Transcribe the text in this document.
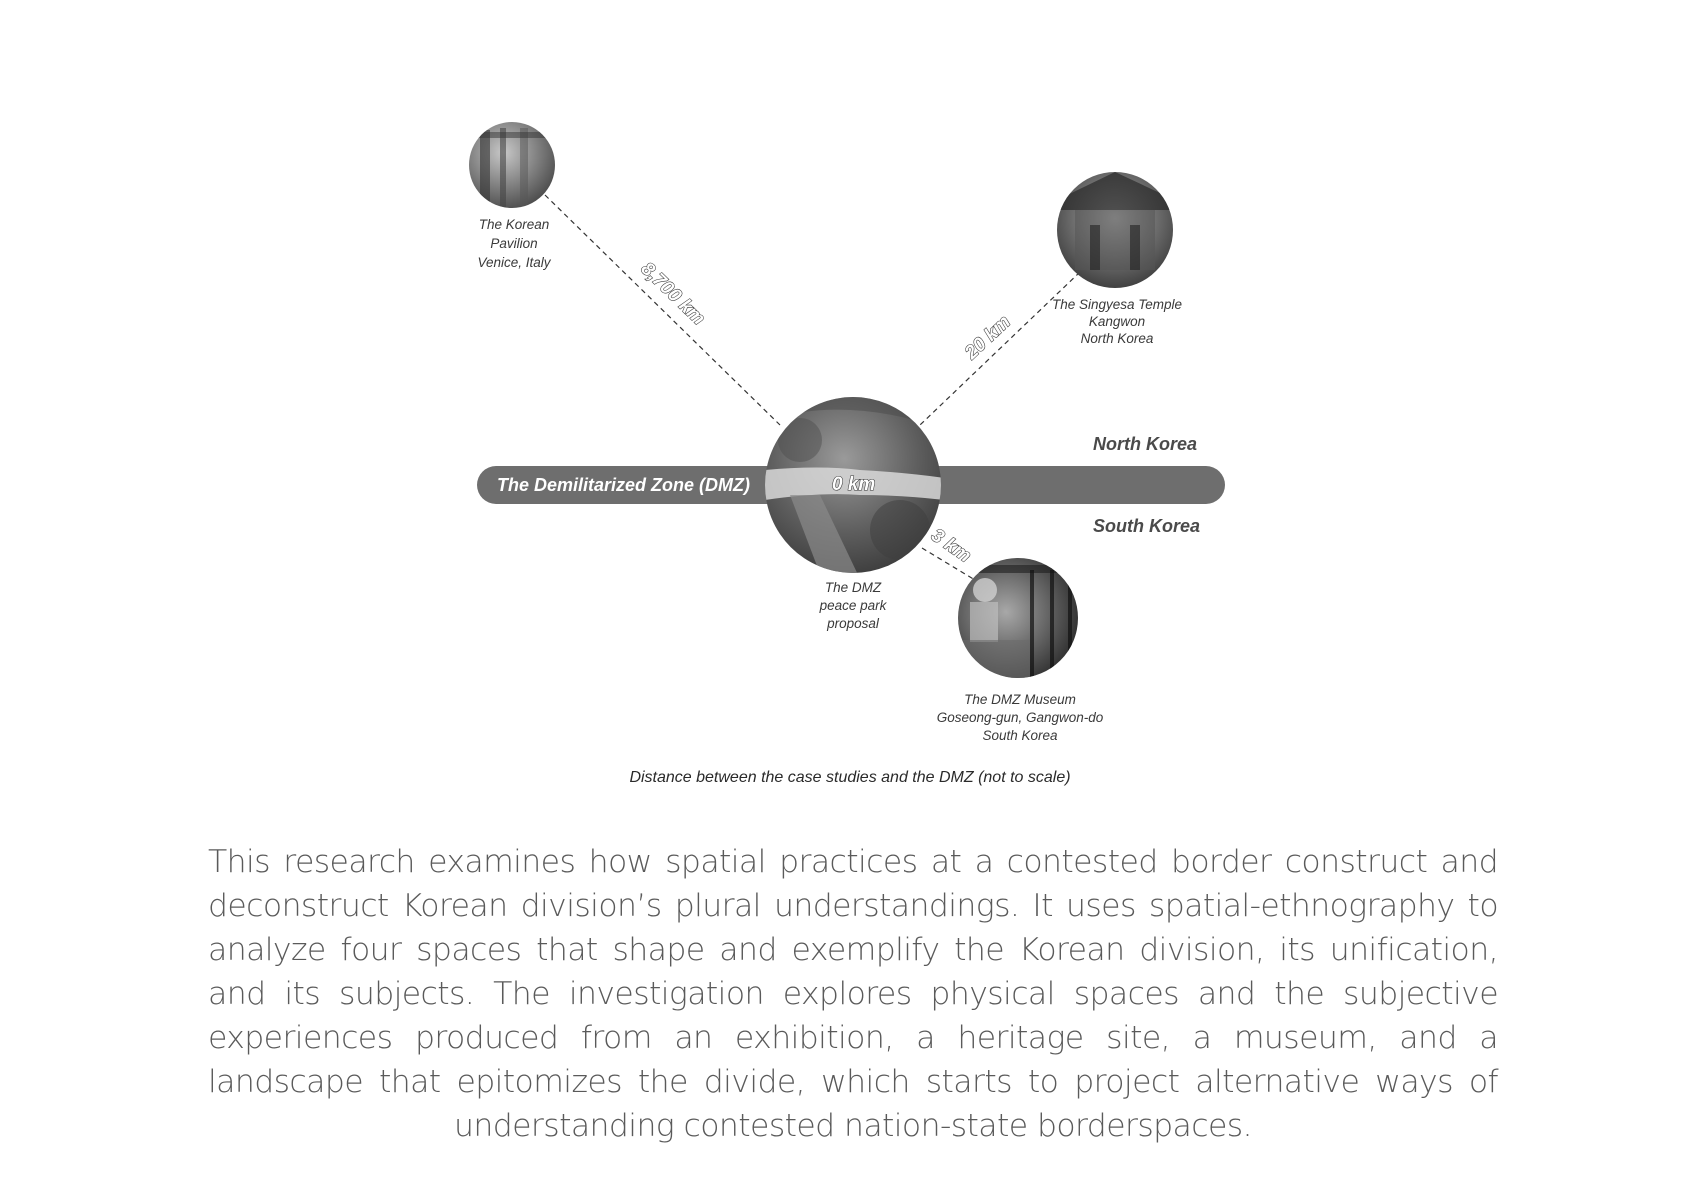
The Demilitarized Zone (DMZ)
North Korea
South Korea
0 km
The Korean
Pavilion
Venice, Italy	8,700 km	The Singyesa Temple
Kangwon
North Korea
20 km
The DMZ Museum
Goseong-gun, Gangwon-do
South Korea
3 km
The DMZ
peace park
proposal
Distance between the case studies and the DMZ (not to scale)
This research examines how spatial practices at a contested border construct and deconstruct Korean division’s plural understandings. It uses spatial-ethnography to analyze four spaces that shape and exemplify the Korean division, its unification, and its subjects. The investigation explores physical spaces and the subjective experiences produced from an exhibition, a heritage site, a museum, and a landscape that epitomizes the divide, which starts to project alternative ways of understanding contested nation-state borderspaces.
